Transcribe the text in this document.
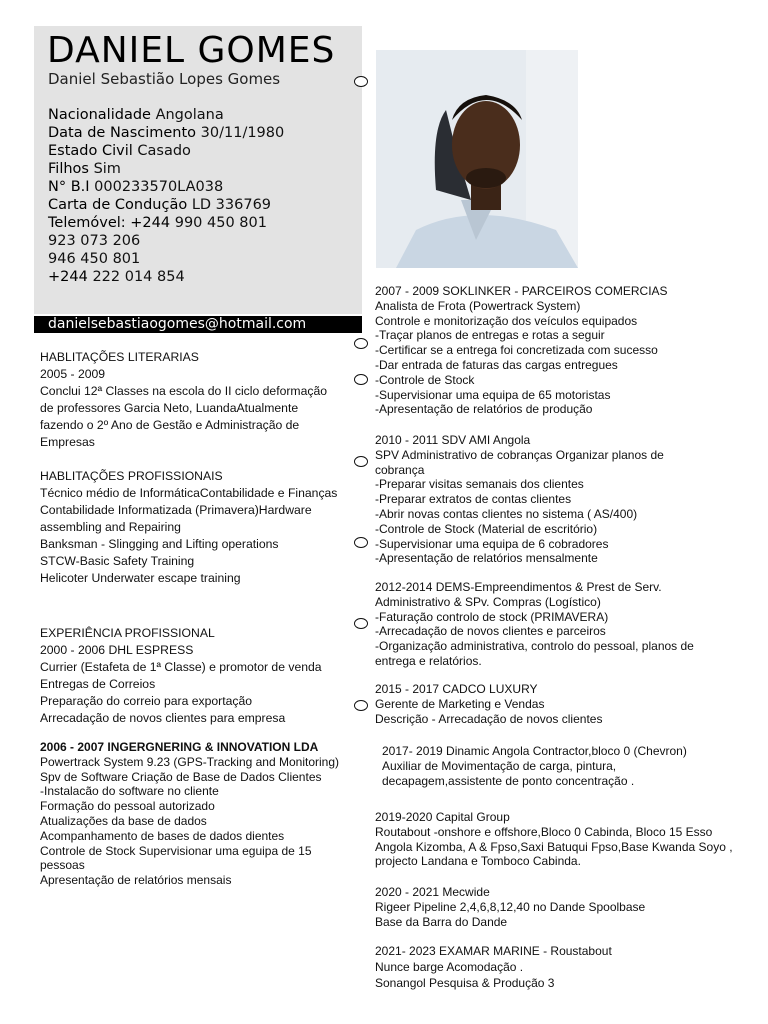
DANIEL GOMES
Daniel Sebastião Lopes Gomes
Nacionalidade Angolana
Data de Nascimento 30/11/1980
Estado Civil Casado
Filhos Sim
N° B.I 000233570LA038
Carta de Condução LD 336769
Telemóvel: +244 990 450 801
923 073 206
946 450 801
+244 222 014 854
danielsebastiaogomes@hotmail.com
HABLITAÇÕES LITERARIAS
2005 - 2009
Conclui 12ª Classes na escola do II ciclo deformação de professores Garcia Neto, LuandaAtualmente fazendo o 2º Ano de Gestão e Administração de Empresas
HABLITAÇÕES PROFISSIONAIS
Técnico médio de InformáticaContabilidade e Finanças
Contabilidade Informatizada (Primavera)Hardware assembling and Repairing
Banksman - Slingging and Lifting operations
STCW-Basic Safety Training
Helicoter Underwater escape training
EXPERIÊNCIA PROFISSIONAL
2000 - 2006 DHL ESPRESS
Currier (Estafeta de 1ª Classe) e promotor de venda Entregas de Correios
Preparação do correio para exportação
Arrecadação de novos clientes para empresa
2006 - 2007 INGERGNERING & INNOVATION LDA
Powertrack System 9.23 (GPS-Tracking and Monitoring)
Spv de Software Criação de Base de Dados Clientes
-Instalacão do software no cliente
Formação do pessoal autorizado
Atualizações da base de dados
Acompanhamento de bases de dados dientes
Controle de Stock Supervisionar uma eguipa de 15 pessoas
Apresentação de relatórios mensais
2007 - 2009 SOKLINKER - PARCEIROS COMERCIAS
Analista de Frota (Powertrack System)
Controle e monitorização dos veículos equipados
-Traçar planos de entregas e rotas a seguir
-Certificar se a entrega foi concretizada com sucesso
-Dar entrada de faturas das cargas entregues
-Controle de Stock
-Supervisionar uma equipa de 65 motoristas
-Apresentação de relatórios de produção
2010 - 2011 SDV AMI Angola
SPV Administrativo de cobranças Organizar planos de cobrança
-Preparar visitas semanais dos clientes
-Preparar extratos de contas clientes
-Abrir novas contas clientes no sistema ( AS/400)
-Controle de Stock (Material de escritório)
-Supervisionar uma equipa de 6 cobradores
-Apresentação de relatórios mensalmente
2012-2014 DEMS-Empreendimentos & Prest de Serv.
Administrativo & SPv. Compras (Logístico)
-Faturação controlo de stock (PRIMAVERA)
-Arrecadação de novos clientes e parceiros
-Organização administrativa, controlo do pessoal, planos de entrega e relatórios.
2015 - 2017 CADCO LUXURY
Gerente de Marketing e Vendas
Descrição - Arrecadação de novos clientes
2017- 2019 Dinamic Angola Contractor,bloco 0 (Chevron)
Auxiliar de Movimentação de carga, pintura, decapagem,assistente de ponto concentração .
2019-2020 Capital Group
Routabout -onshore e offshore,Bloco 0 Cabinda, Bloco 15 Esso Angola Kizomba, A & Fpso,Saxi Batuqui Fpso,Base Kwanda Soyo , projecto Landana e Tomboco Cabinda.
2020 - 2021 Mecwide
Rigeer Pipeline 2,4,6,8,12,40 no Dande Spoolbase
Base da Barra do Dande
2021- 2023 EXAMAR MARINE - Roustabout
Nunce barge Acomodação .
Sonangol Pesquisa & Produção 3
